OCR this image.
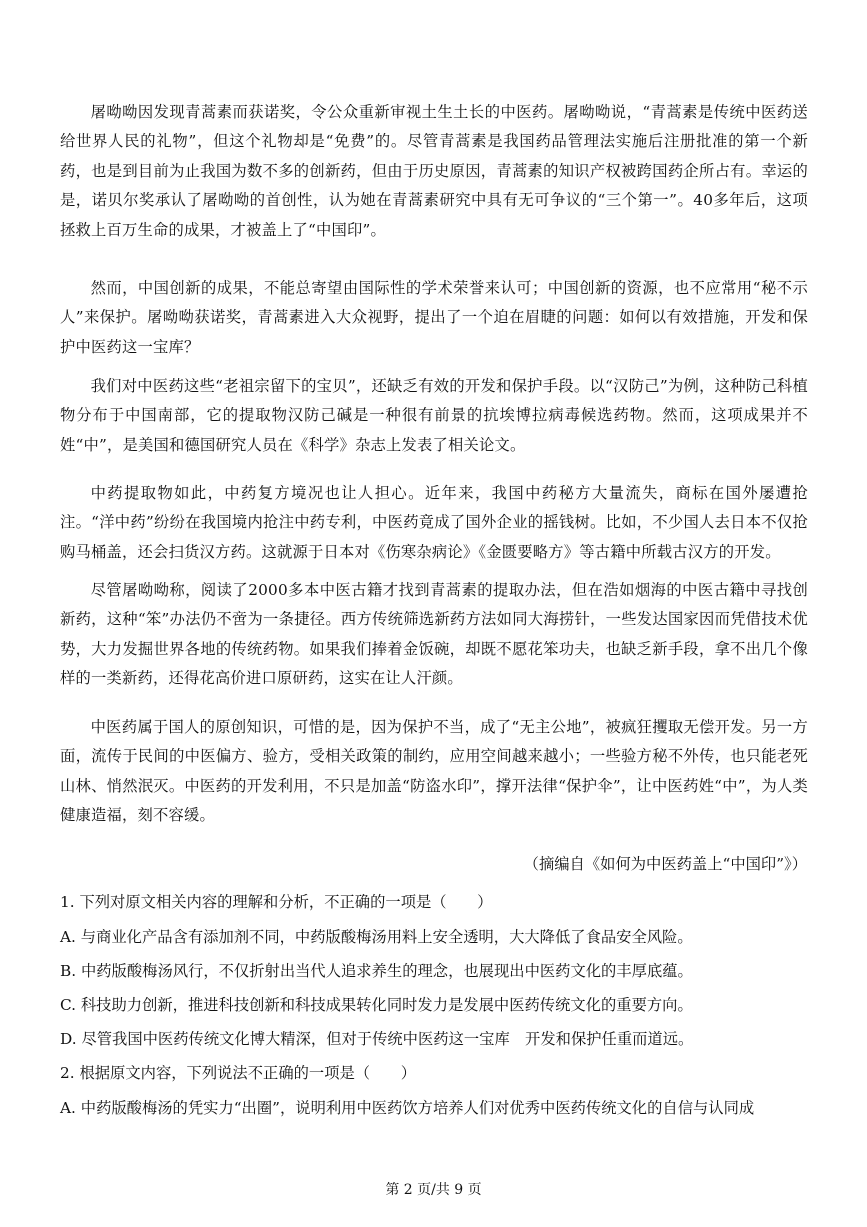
屠呦呦因发现青蒿素而获诺奖，令公众重新审视土生土长的中医药。屠呦呦说，“青蒿素是传统中医药送给世界人民的礼物”，但这个礼物却是“免费”的。尽管青蒿素是我国药品管理法实施后注册批准的第一个新药，也是到目前为止我国为数不多的创新药，但由于历史原因，青蒿素的知识产权被跨国药企所占有。幸运的是，诺贝尔奖承认了屠呦呦的首创性，认为她在青蒿素研究中具有无可争议的“三个第一”。40多年后，这项拯救上百万生命的成果，才被盖上了“中国印”。

然而，中国创新的成果，不能总寄望由国际性的学术荣誉来认可；中国创新的资源，也不应常用“秘不示人”来保护。屠呦呦获诺奖，青蒿素进入大众视野，提出了一个迫在眉睫的问题：如何以有效措施，开发和保护中医药这一宝库？

我们对中医药这些“老祖宗留下的宝贝”，还缺乏有效的开发和保护手段。以“汉防己”为例，这种防己科植物分布于中国南部，它的提取物汉防己碱是一种很有前景的抗埃博拉病毒候选药物。然而，这项成果并不姓“中”，是美国和德国研究人员在《科学》杂志上发表了相关论文。

中药提取物如此，中药复方境况也让人担心。近年来，我国中药秘方大量流失，商标在国外屡遭抢注。“洋中药”纷纷在我国境内抢注中药专利，中医药竟成了国外企业的摇钱树。比如，不少国人去日本不仅抢购马桶盖，还会扫货汉方药。这就源于日本对《伤寒杂病论》《金匮要略方》等古籍中所载古汉方的开发。

尽管屠呦呦称，阅读了2000多本中医古籍才找到青蒿素的提取办法，但在浩如烟海的中医古籍中寻找创新药，这种“笨”办法仍不啻为一条捷径。西方传统筛选新药方法如同大海捞针，一些发达国家因而凭借技术优势，大力发掘世界各地的传统药物。如果我们捧着金饭碗，却既不愿花笨功夫，也缺乏新手段，拿不出几个像样的一类新药，还得花高价进口原研药，这实在让人汗颜。

中医药属于国人的原创知识，可惜的是，因为保护不当，成了“无主公地”，被疯狂攫取无偿开发。另一方面，流传于民间的中医偏方、验方，受相关政策的制约，应用空间越来越小；一些验方秘不外传，也只能老死山林、悄然泯灭。中医药的开发利用，不只是加盖“防盗水印”，撑开法律“保护伞”，让中医药姓“中”，为人类健康造福，刻不容缓。

（摘编自《如何为中医药盖上“中国印”》）

1. 下列对原文相关内容的理解和分析，不正确的一项是（　　）

A. 与商业化产品含有添加剂不同，中药版酸梅汤用料上安全透明，大大降低了食品安全风险。

B. 中药版酸梅汤风行，不仅折射出当代人追求养生的理念，也展现出中医药文化的丰厚底蕴。

C. 科技助力创新，推进科技创新和科技成果转化同时发力是发展中医药传统文化的重要方向。

D. 尽管我国中医药传统文化博大精深，但对于传统中医药这一宝库　开发和保护任重而道远。

2. 根据原文内容，下列说法不正确的一项是（　　）

A. 中药版酸梅汤的凭实力“出圈”，说明利用中医药饮方培养人们对优秀中医药传统文化的自信与认同成

第 2 页/共 9 页
